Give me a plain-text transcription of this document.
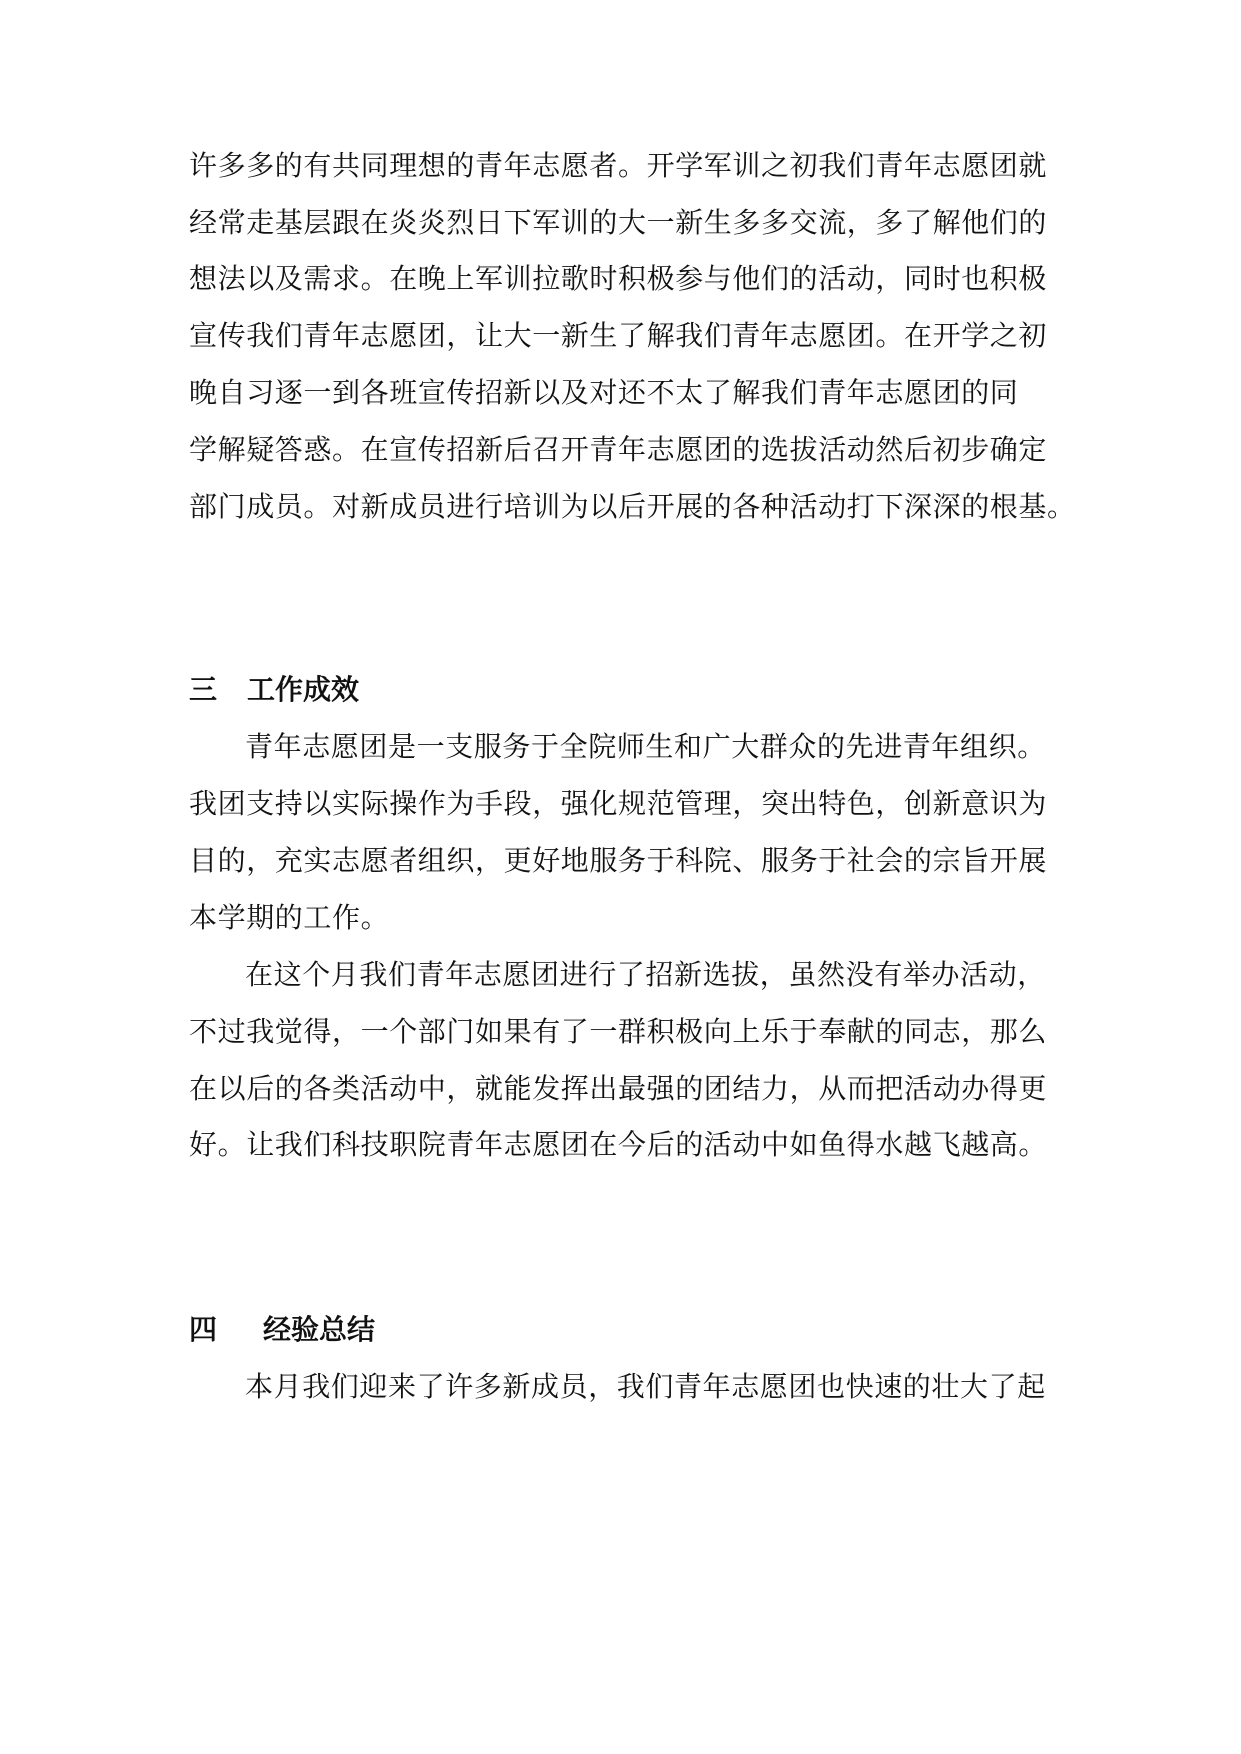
许多多的有共同理想的青年志愿者。开学军训之初我们青年志愿团就
经常走基层跟在炎炎烈日下军训的大一新生多多交流，多了解他们的
想法以及需求。在晚上军训拉歌时积极参与他们的活动，同时也积极
宣传我们青年志愿团，让大一新生了解我们青年志愿团。在开学之初
晚自习逐一到各班宣传招新以及对还不太了解我们青年志愿团的同
学解疑答惑。在宣传招新后召开青年志愿团的选拔活动然后初步确定
部门成员。对新成员进行培训为以后开展的各种活动打下深深的根基。
三 工作成效
青年志愿团是一支服务于全院师生和广大群众的先进青年组织。
我团支持以实际操作为手段，强化规范管理，突出特色，创新意识为
目的，充实志愿者组织，更好地服务于科院、服务于社会的宗旨开展
本学期的工作。
在这个月我们青年志愿团进行了招新选拔，虽然没有举办活动，
不过我觉得，一个部门如果有了一群积极向上乐于奉献的同志，那么
在以后的各类活动中，就能发挥出最强的团结力，从而把活动办得更
好。让我们科技职院青年志愿团在今后的活动中如鱼得水越飞越高。
四 经验总结
本月我们迎来了许多新成员，我们青年志愿团也快速的壮大了起
